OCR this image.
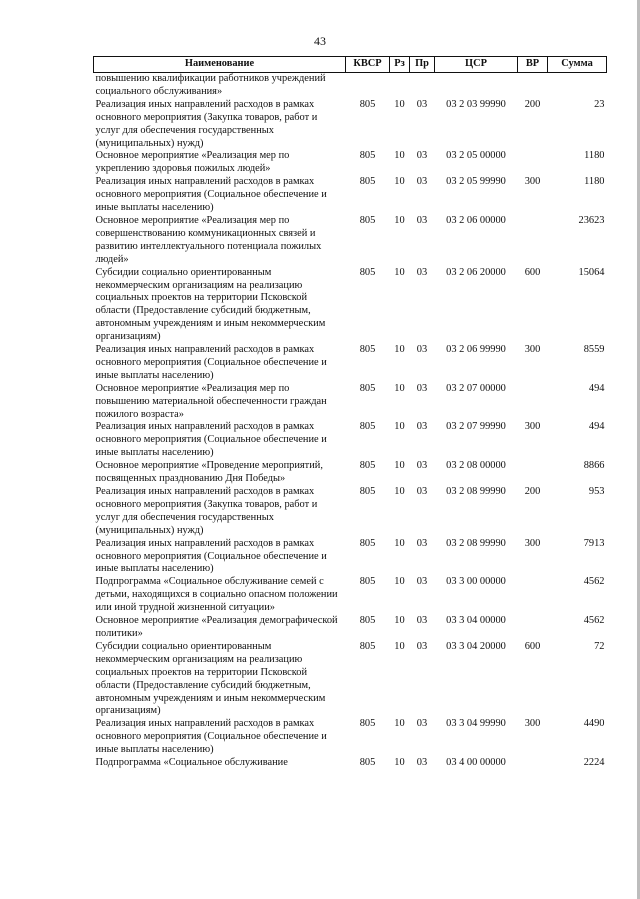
43
Наименование	КВСР	Рз	Пр	ЦСР	ВР	Сумма
повышению квалификации работников учреждений социального обслуживания»						
Реализация иных направлений расходов в рамках основного мероприятия (Закупка товаров, работ и услуг для обеспечения государственных (муниципальных) нужд)	805	10	03	03 2 03 99990	200	23
Основное мероприятие «Реализация мер по укреплению здоровья пожилых людей»	805	10	03	03 2 05 00000		1180
Реализация иных направлений расходов в рамках основного мероприятия (Социальное обеспечение и иные выплаты населению)	805	10	03	03 2 05 99990	300	1180
Основное мероприятие «Реализация мер по совершенствованию коммуникационных связей и развитию интеллектуального потенциала пожилых людей»	805	10	03	03 2 06 00000		23623
Субсидии социально ориентированным некоммерческим организациям на реализацию социальных проектов на территории Псковской области (Предоставление субсидий бюджетным, автономным учреждениям и иным некоммерческим организациям)	805	10	03	03 2 06 20000	600	15064
Реализация иных направлений расходов в рамках основного мероприятия (Социальное обеспечение и иные выплаты населению)	805	10	03	03 2 06 99990	300	8559
Основное мероприятие «Реализация мер по повышению материальной обеспеченности граждан пожилого возраста»	805	10	03	03 2 07 00000		494
Реализация иных направлений расходов в рамках основного мероприятия (Социальное обеспечение и иные выплаты населению)	805	10	03	03 2 07 99990	300	494
Основное мероприятие «Проведение мероприятий, посвященных празднованию Дня Победы»	805	10	03	03 2 08 00000		8866
Реализация иных направлений расходов в рамках основного мероприятия (Закупка товаров, работ и услуг для обеспечения государственных (муниципальных) нужд)	805	10	03	03 2 08 99990	200	953
Реализация иных направлений расходов в рамках основного мероприятия (Социальное обеспечение и иные выплаты населению)	805	10	03	03 2 08 99990	300	7913
Подпрограмма «Социальное обслуживание семей с детьми, находящихся в социально опасном положении или иной трудной жизненной ситуации»	805	10	03	03 3 00 00000		4562
Основное мероприятие «Реализация демографической политики»	805	10	03	03 3 04 00000		4562
Субсидии социально ориентированным некоммерческим организациям на реализацию социальных проектов на территории Псковской области (Предоставление субсидий бюджетным, автономным учреждениям и иным некоммерческим организациям)	805	10	03	03 3 04 20000	600	72
Реализация иных направлений расходов в рамках основного мероприятия (Социальное обеспечение и иные выплаты населению)	805	10	03	03 3 04 99990	300	4490
Подпрограмма «Социальное обслуживание	805	10	03	03 4 00 00000		2224
